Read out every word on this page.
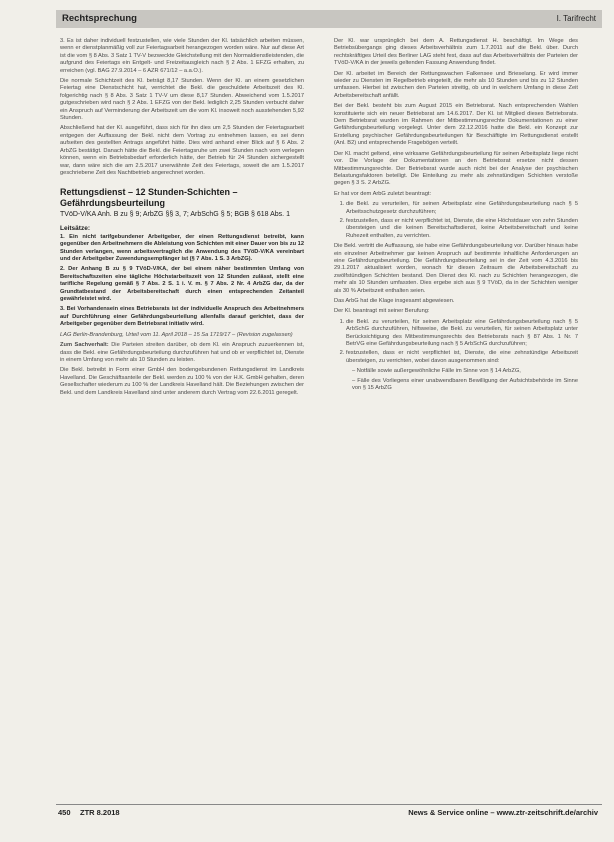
Rechtsprechung	I. Tarifrecht

3. Es ist daher individuell festzustellen, wie viele Stunden der Kl. tatsächlich arbeiten müssen, wenn er dienstplanmäßig voll zur Feiertagsarbeit herangezogen worden wäre. Nur auf diese Art ist die vom § 8 Abs. 3 Satz 1 TV-V bezweckte Gleichstellung mit den Normaldienstleistenden, die aufgrund des Feiertags ein Entgelt- und Freizeitausgleich nach § 2 Abs. 1 EFZG erhalten, zu erreichen (vgl. BAG 27.9.2014 – 6 AZR 671/12 – a.a.O.).

Die normale Schichtzeit des Kl. beträgt 8,17 Stunden. Wenn der Kl. an einem gesetzlichen Feiertag eine Dienstschicht hat, verrichtet die Bekl. die geschuldete Arbeitszeit des Kl. folgerichtig nach § 8 Abs. 3 Satz 1 TV-V um diese 8,17 Stunden. Abweichend vom 1.5.2017 gutgeschrieben wird nach § 2 Abs. 1 EFZG von der Bekl. lediglich 2,25 Stunden verbucht daher ein Anspruch auf Verminderung der Arbeitszeit um die vom Kl. insoweit noch ausstehenden 5,92 Stunden.

Abschließend hat der Kl. ausgeführt, dass sich für ihn dies um 2,5 Stunden der Feiertagsarbeit entgegen der Auffassung der Bekl. nicht dem Vortrag zu entnehmen lassen, es sei denn aufseiten des gestellten Antrags angeführt hätte. Dies wird anhand einer Blick auf § 6 Abs. 2 ArbZG bestätigt. Danach hätte die Bekl. die Feiertagsruhe um zwei Stunden nach vorn verlegen können, wenn ein Betriebsbedarf erforderlich hätte, der Betrieb für 24 Stunden sichergestellt war, dann wäre sich die am 2.5.2017 unerwähnte Zeit des Feiertags, soweit die am 1.5.2017 geschriebene Zeit des Nachtbetrieb angerechnet worden.

Rettungsdienst – 12 Stunden-Schichten – Gefährdungsbeurteilung
TVöD-V/KA Anh. B zu § 9; ArbZG §§ 3, 7; ArbSchG § 5; BGB § 618 Abs. 1
Leitsätze:

1. Ein nicht tarifgebundener Arbeitgeber, der einen Rettungsdienst betreibt, kann gegenüber den Arbeitnehmern die Ableistung von Schichten mit einer Dauer von bis zu 12 Stunden verlangen, wenn arbeitsvertraglich die Anwendung des TVöD-V/KA vereinbart und der Arbeitgeber Zuwendungsempfänger ist (§ 7 Abs. 1 S. 3 ArbZG).

2. Der Anhang B zu § 9 TVöD-V/KA, der bei einem näher bestimmten Umfang von Bereitschaftszeiten eine tägliche Höchstarbeitszeit von 12 Stunden zulässt, stellt eine tarifliche Regelung gemäß § 7 Abs. 2 S. 1 i. V. m. § 7 Abs. 2 Nr. 4 ArbZG dar, da der Grundtatbestand der Arbeitsbereitschaft durch einen entsprechenden Zeitanteil gewährleistet wird.

3. Bei Vorhandensein eines Betriebsrats ist der individuelle Anspruch des Arbeitnehmers auf Durchführung einer Gefährdungsbeurteilung allenfalls darauf gerichtet, dass der Arbeitgeber gegenüber dem Betriebsrat initiativ wird.

LAG Berlin-Brandenburg, Urteil vom 11. April 2018 – 15 Sa 1719/17 – (Revision zugelassen)

Zum Sachverhalt: Die Parteien streiten darüber, ob dem Kl. ein Anspruch zuzuerkennen ist, dass die Bekl. eine Gefährdungsbeurteilung durchzuführen hat und ob er verpflichtet ist, Dienste in einem Umfang von mehr als 10 Stunden zu leisten.

Die Bekl. betreibt in Form einer GmbH den bodengebundenen Rettungsdienst im Landkreis Havelland. Die Geschäftsanteile der Bekl. werden zu 100 % von der H.K. GmbH gehalten, deren Gesellschafter wiederum zu 100 % der Landkreis Havelland hält. Die Beziehungen zwischen der Bekl. und dem Landkreis Havelland sind unter anderem durch Vertrag vom 22.6.2011 geregelt.

Der Kl. war ursprünglich bei dem A. Rettungsdienst H. beschäftigt. Im Wege des Betriebsübergangs ging dieses Arbeitsverhältnis zum 1.7.2011 auf die Bekl. über. Durch rechtskräftiges Urteil des Berliner LAG steht fest, dass auf das Arbeitsverhältnis der Parteien der TVöD-V/KA in der jeweils geltenden Fassung Anwendung findet.

Der Kl. arbeitet im Bereich der Rettungswachen Falkensee und Brieselang. Er wird immer wieder zu Diensten im Regelbetrieb eingeteilt, die mehr als 10 Stunden und bis zu 12 Stunden umfassen. Hierbei ist zwischen den Parteien streitig, ob und in welchem Umfang in diese Zeit Arbeitsbereitschaft anfällt.

Bei der Bekl. besteht bis zum August 2015 ein Betriebsrat. Nach entsprechenden Wahlen konstituierte sich ein neuer Betriebsrat am 14.6.2017. Der Kl. ist Mitglied dieses Betriebsrats. Dem Betriebsrat wurden im Rahmen der Mitbestimmungsrechte Dokumentationen zu einer Gefährdungsbeurteilung vorgelegt. Unter dem 22.12.2016 hatte die Bekl. ein Konzept zur Erstellung psychischer Gefährdungsbeurteilungen für Beschäftigte im Rettungsdienst erstellt (Anl. B2) und entsprechende Fragebögen verteilt.

Der Kl. macht geltend, eine wirksame Gefährdungsbeurteilung für seinen Arbeitsplatz liege nicht vor. Die Vorlage der Dokumentationen an den Betriebsrat ersetze nicht dessen Mitbestimmungsrechte. Der Betriebsrat wurde auch nicht bei der Analyse der psychischen Belastungsfaktoren beteiligt. Die Einteilung zu mehr als zehnstündigen Schichten verstoße gegen § 3 S. 2 ArbZG.

Er hat vor dem ArbG zuletzt beantragt:

1. die Bekl. zu verurteilen, für seinen Arbeitsplatz eine Gefährdungsbeurteilung nach § 5 Arbeitsschutzgesetz durchzuführen;
2. festzustellen, dass er nicht verpflichtet ist, Dienste, die eine Höchstdauer von zehn Stunden übersteigen und die keinen Bereitschaftsdienst, keine Arbeitsbereitschaft und keine Ruhezeit enthalten, zu verrichten.

Die Bekl. vertritt die Auffassung, sie habe eine Gefährdungsbeurteilung vor. Darüber hinaus habe ein einzelner Arbeitnehmer gar keinen Anspruch auf bestimmte inhaltliche Anforderungen an eine Gefährdungsbeurteilung. Die Gefährdungsbeurteilung sei in der Zeit vom 4.3.2016 bis 29.1.2017 aktualisiert worden, wonach für diesen Zeitraum die Arbeitsbereitschaft zu zwölfstündigen Schichten bestand. Den Dienst des Kl. nach zu Schichten herangezogen, die mehr als 10 Stunden umfassten. Dies ergebe sich aus § 9 TVöD, da in der Schichten weniger als 30 % Arbeitszeit enthalten seien.

Das ArbG hat die Klage insgesamt abgewiesen.

Der Kl. beantragt mit seiner Berufung:

1. die Bekl. zu verurteilen, für seinen Arbeitsplatz eine Gefährdungsbeurteilung nach § 5 ArbSchG durchzuführen, hilfsweise, die Bekl. zu verurteilen, für seinen Arbeitsplatz unter Berücksichtigung des Mitbestimmungsrechts des Betriebsrats nach § 87 Abs. 1 Nr. 7 BetrVG eine Gefährdungsbeurteilung nach § 5 ArbSchG durchzuführen;
2. festzustellen, dass er nicht verpflichtet ist, Dienste, die eine zehnstündige Arbeitszeit übersteigen, zu verrichten, wobei davon ausgenommen sind:
– Notfälle sowie außergewöhnliche Fälle im Sinne von § 14 ArbZG,
– Fälle des Vorliegens einer unabwendbaren Bewilligung der Aufsichtsbehörde im Sinne von § 15 ArbZG
450 ZTR 8.2018	News & Service online – www.ztr-zeitschrift.de/archiv
